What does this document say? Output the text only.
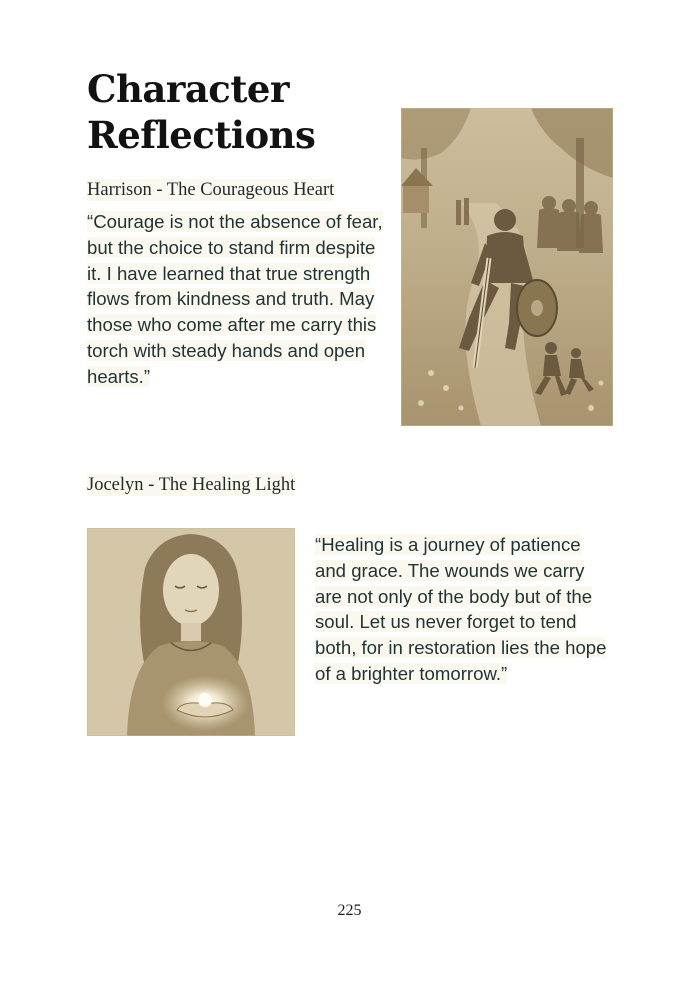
Character Reflections
Harrison - The Courageous Heart

“Courage is not the absence of fear, but the choice to stand firm despite it. I have learned that true strength flows from kindness and truth. May those who come after me carry this torch with steady hands and open hearts.”

Jocelyn - The Healing Light

“Healing is a journey of patience and grace. The wounds we carry are not only of the body but of the soul. Let us never forget to tend both, for in restoration lies the hope of a brighter tomorrow.”

225
